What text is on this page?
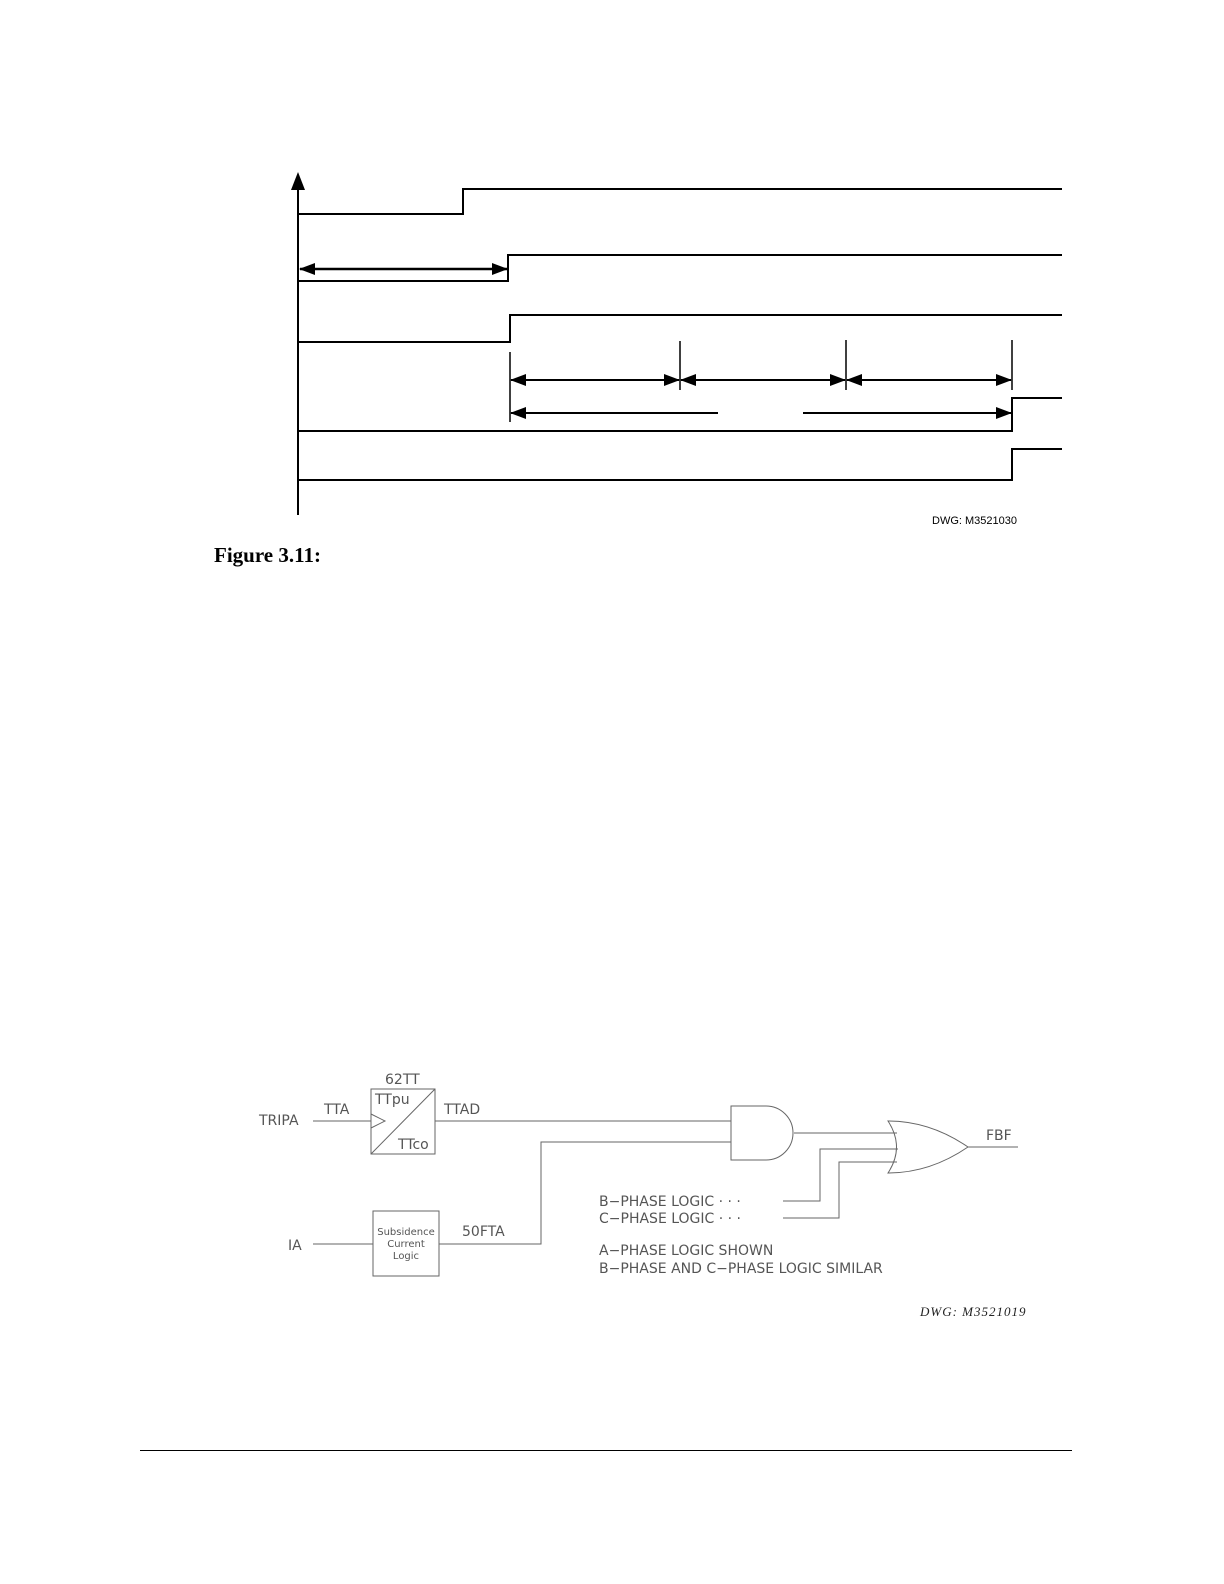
DWG: M3521030
62TT
TTpu
TTco
TRIPA
TTA	TTAD
IA
50FTA
FBF
Subsidence
Current
Logic
B−PHASE LOGIC · · ·
C−PHASE LOGIC · · ·
A−PHASE LOGIC SHOWN
B−PHASE AND C−PHASE LOGIC SIMILAR
DWG: M3521019
Figure 3.11:
